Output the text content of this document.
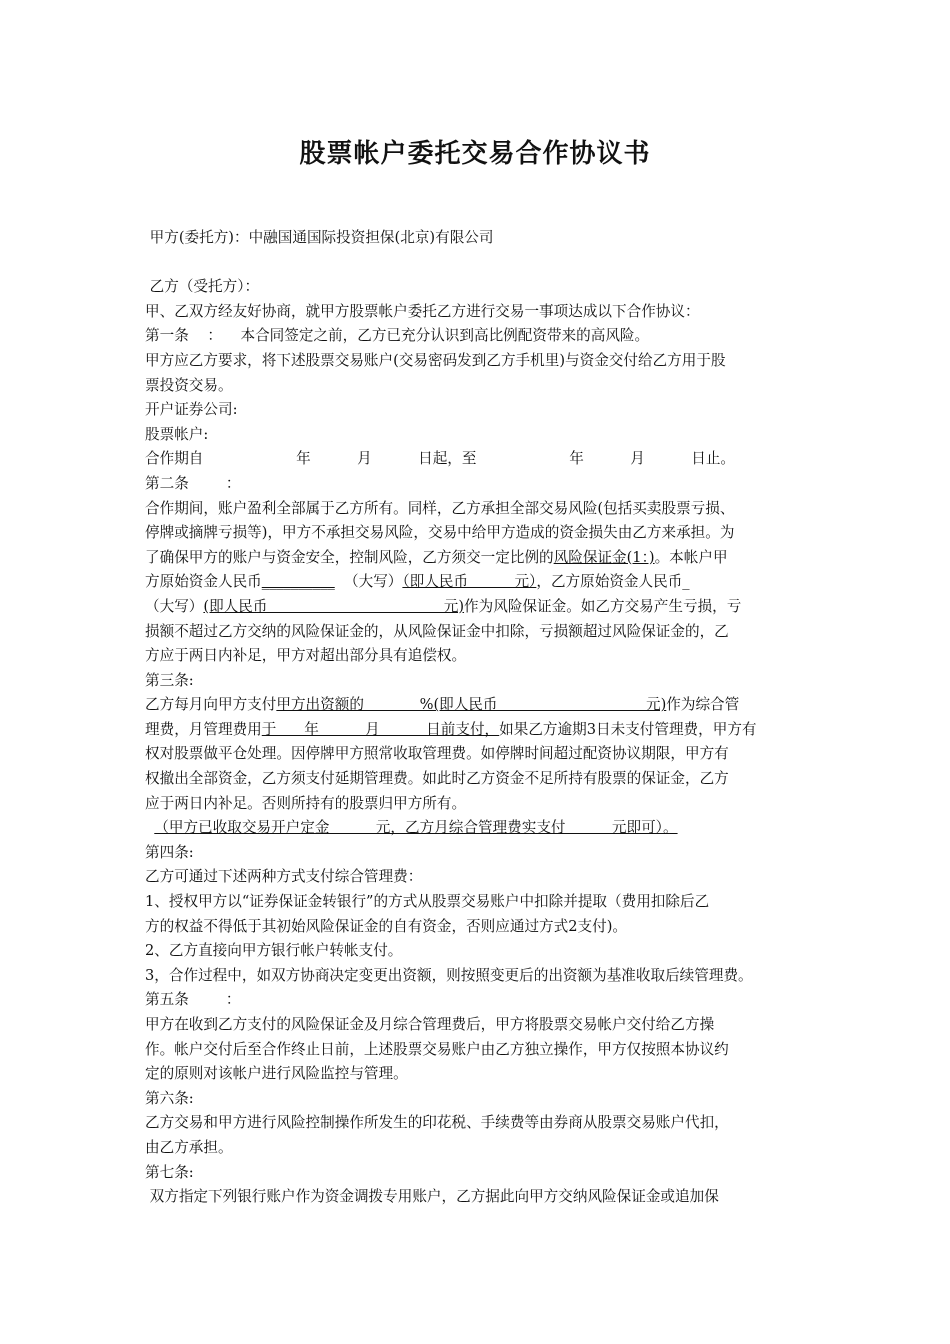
股票帐户委托交易合作协议书

甲方(委托方)：中融国通国际投资担保(北京)有限公司

乙方（受托方）：

甲、乙双方经友好协商，就甲方股票帐户委托乙方进行交易一事项达成以下合作协议：

第一条    ：    本合同签定之前，乙方已充分认识到高比例配资带来的高风险。

甲方应乙方要求，将下述股票交易账户(交易密码发到乙方手机里)与资金交付给乙方用于股

票投资交易。

开户证券公司:

股票帐户:

合作期自                    年          月          日起，至                    年          月          日止。

第二条        ：

合作期间，账户盈利全部属于乙方所有。同样，乙方承担全部交易风险(包括买卖股票亏损、

停牌或摘牌亏损等)，甲方不承担交易风险，交易中给甲方造成的资金损失由乙方来承担。为

了确保甲方的账户与资金安全，控制风险，乙方须交一定比例的风险保证金(1：)。本帐户甲

方原始资金人民币__________  （大写）（即人民币          元），乙方原始资金人民币_

（大写）(即人民币                                      元)作为风险保证金。如乙方交易产生亏损，亏

损额不超过乙方交纳的风险保证金的，从风险保证金中扣除，亏损额超过风险保证金的，乙

方应于两日内补足，甲方对超出部分具有追偿权。

第三条:

乙方每月向甲方支付甲方出资额的            %(即人民币                                元)作为综合管

理费，月管理费用于      年          月          日前支付，如果乙方逾期3日未支付管理费，甲方有

权对股票做平仓处理。因停牌甲方照常收取管理费。如停牌时间超过配资协议期限，甲方有

权撤出全部资金，乙方须支付延期管理费。如此时乙方资金不足所持有股票的保证金，乙方

应于两日内补足。否则所持有的股票归甲方所有。

（甲方已收取交易开户定金          元，乙方月综合管理费实支付          元即可）。

第四条:

乙方可通过下述两种方式支付综合管理费：

1、授权甲方以“证券保证金转银行”的方式从股票交易账户中扣除并提取（费用扣除后乙

方的权益不得低于其初始风险保证金的自有资金，否则应通过方式2支付)。

2、乙方直接向甲方银行帐户转帐支付。

3，合作过程中，如双方协商决定变更出资额，则按照变更后的出资额为基准收取后续管理费。

第五条        ：

甲方在收到乙方支付的风险保证金及月综合管理费后，甲方将股票交易帐户交付给乙方操

作。帐户交付后至合作终止日前，上述股票交易账户由乙方独立操作，甲方仅按照本协议约

定的原则对该帐户进行风险监控与管理。

第六条:

乙方交易和甲方进行风险控制操作所发生的印花税、手续费等由券商从股票交易账户代扣，

由乙方承担。

第七条:

双方指定下列银行账户作为资金调拨专用账户，乙方据此向甲方交纳风险保证金或追加保
